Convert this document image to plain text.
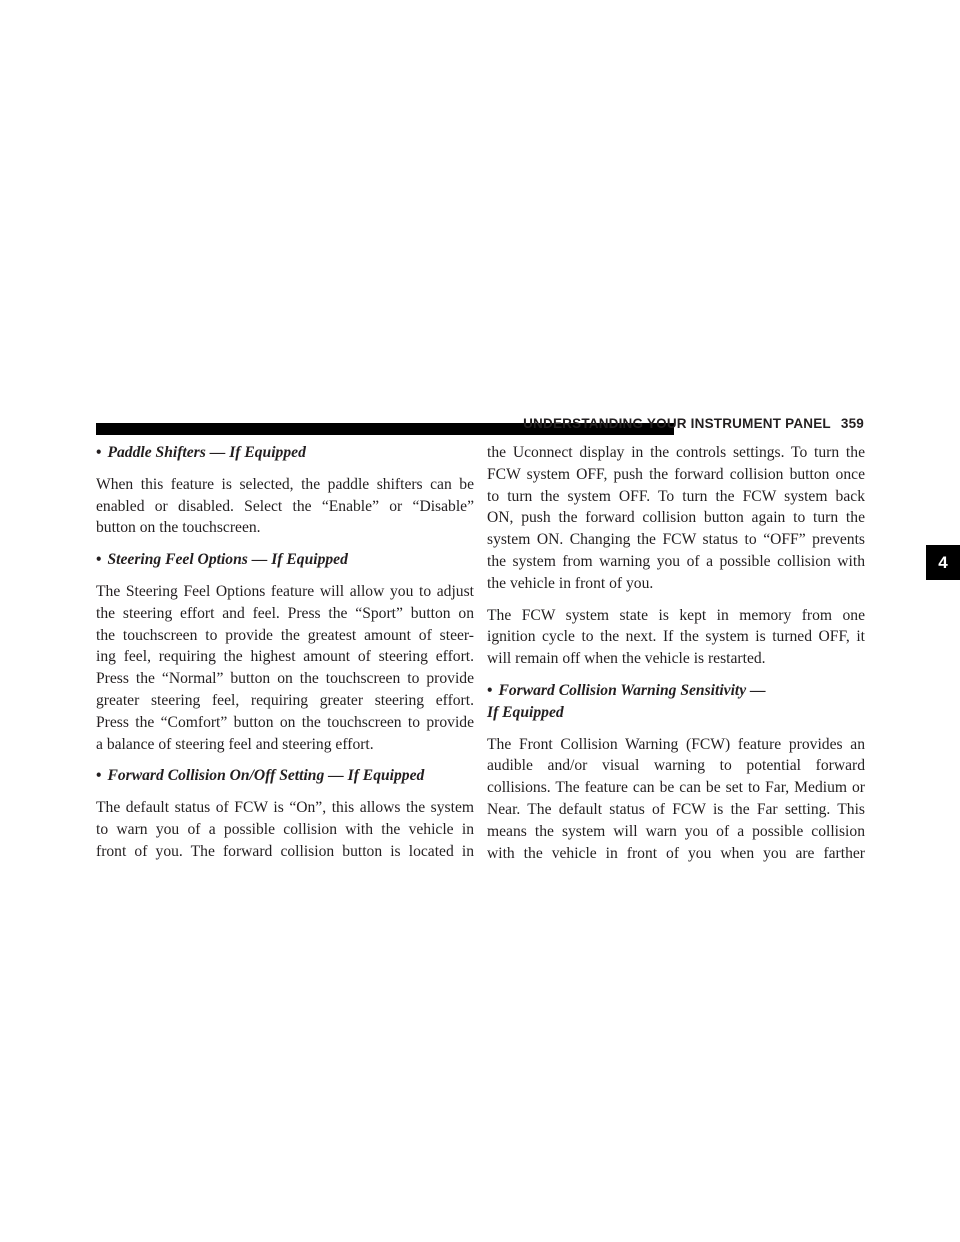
UNDERSTANDING YOUR INSTRUMENT PANEL 359
4
• Paddle Shifters — If Equipped

When this feature is selected, the paddle shifters can be
enabled or disabled. Select the “Enable” or “Disable”
button on the touchscreen.

• Steering Feel Options — If Equipped

The Steering Feel Options feature will allow you to adjust
the steering effort and feel. Press the “Sport” button on
the touchscreen to provide the greatest amount of steer-
ing feel, requiring the highest amount of steering effort.
Press the “Normal” button on the touchscreen to provide
greater steering feel, requiring greater steering effort.
Press the “Comfort” button on the touchscreen to provide
a balance of steering feel and steering effort.

• Forward Collision On/Off Setting — If Equipped

The default status of FCW is “On”, this allows the system
to warn you of a possible collision with the vehicle in
front of you. The forward collision button is located in

the Uconnect display in the controls settings. To turn the
FCW system OFF, push the forward collision button once
to turn the system OFF. To turn the FCW system back
ON, push the forward collision button again to turn the
system ON. Changing the FCW status to “OFF” prevents
the system from warning you of a possible collision with
the vehicle in front of you.

The FCW system state is kept in memory from one
ignition cycle to the next. If the system is turned OFF, it
will remain off when the vehicle is restarted.

• Forward Collision Warning Sensitivity —
If Equipped

The Front Collision Warning (FCW) feature provides an
audible and/or visual warning to potential forward
collisions. The feature can be can be set to Far, Medium or
Near. The default status of FCW is the Far setting. This
means the system will warn you of a possible collision
with the vehicle in front of you when you are farther
